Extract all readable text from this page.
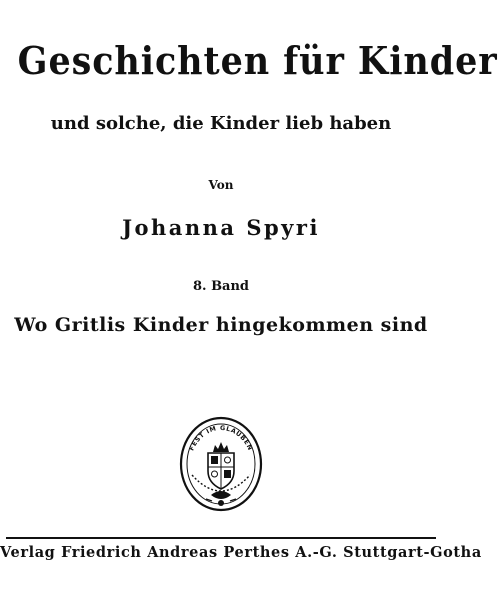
Geschichten für Kinder
und solche, die Kinder lieb haben
Von
Johanna Spyri
8. Band
Wo Gritlis Kinder hingekommen sind
FEST IM GLAUBEN
Verlag Friedrich Andreas Perthes A.-G. Stuttgart-Gotha
